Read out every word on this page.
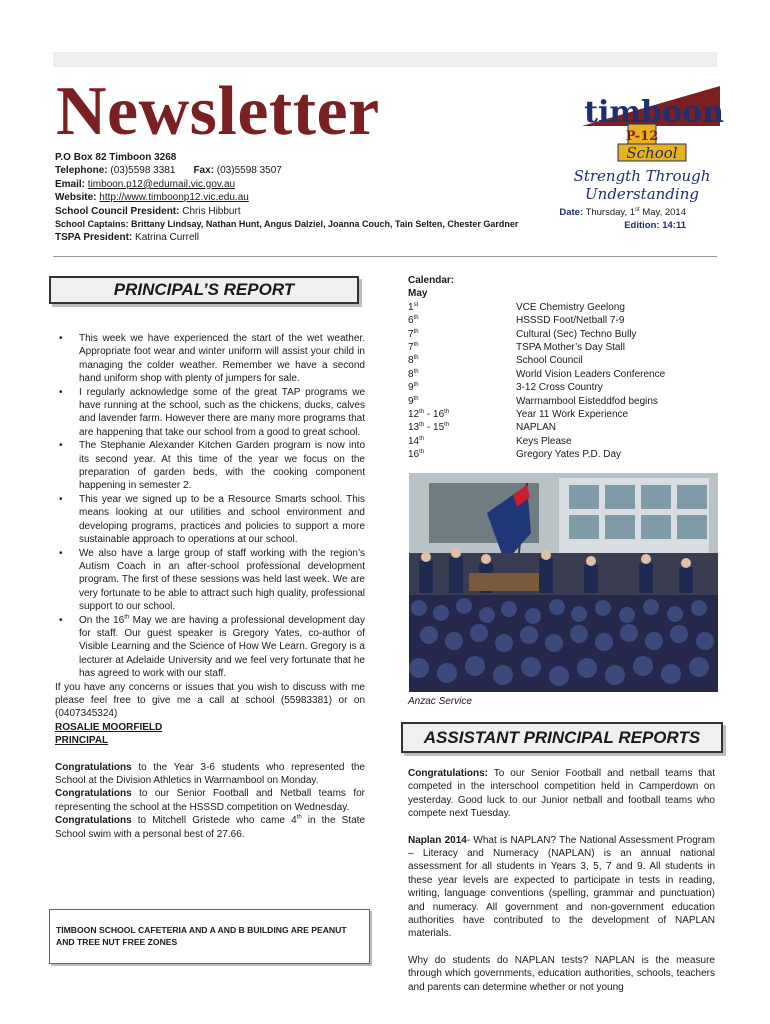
Newsletter
P.O Box 82 Timboon 3268
Telephone: (03)5598 3381 Fax: (03)5598 3507
Email: timboon.p12@edumail.vic.gov.au
Website: http://www.timboonp12.vic.edu.au
School Council President: Chris Hibburt
School Captains: Brittany Lindsay, Nathan Hunt, Angus Dalziel, Joanna Couch, Tain Selten, Chester Gardner
TSPA President: Katrina Currell
timboon
P-12
School
Strength Through
Understanding
Date: Thursday, 1st May, 2014
Edition: 14:11
PRINCIPAL’S REPORT
• This week we have experienced the start of the wet weather. Appropriate foot wear and winter uniform will assist your child in managing the colder weather. Remember we have a second hand uniform shop with plenty of jumpers for sale.
• I regularly acknowledge some of the great TAP programs we have running at the school, such as the chickens, ducks, calves and lavender farm. However there are many more programs that are happening that take our school from a good to great school.
• The Stephanie Alexander Kitchen Garden program is now into its second year. At this time of the year we focus on the preparation of garden beds, with the cooking component happening in semester 2.
• This year we signed up to be a Resource Smarts school. This means looking at our utilities and school environment and developing programs, practices and policies to support a more sustainable approach to operations at our school.
• We also have a large group of staff working with the region’s Autism Coach in an after-school professional development program. The first of these sessions was held last week. We are very fortunate to be able to attract such high quality, professional support to our school.
• On the 16th May we are having a professional development day for staff. Our guest speaker is Gregory Yates, co-author of Visible Learning and the Science of How We Learn. Gregory is a lecturer at Adelaide University and we feel very fortunate that he has agreed to work with our staff.
If you have any concerns or issues that you wish to discuss with me please feel free to give me a call at school (55983381) or on (0407345324)
ROSALIE MOORFIELD
PRINCIPAL
Congratulations to the Year 3-6 students who represented the School at the Division Athletics in Warrnambool on Monday.
Congratulations to our Senior Football and Netball teams for representing the school at the HSSSD competition on Wednesday.
Congratulations to Mitchell Gristede who came 4th in the State School swim with a personal best of 27.66.
TIMBOON SCHOOL CAFETERIA AND A AND B BUILDING ARE PEANUT AND TREE NUT FREE ZONES
Calendar:
May
1st	VCE Chemistry Geelong
6th	HSSSD Foot/Netball 7-9
7th	Cultural (Sec) Techno Bully
7th	TSPA Mother’s Day Stall
8th	School Council
8th	World Vision Leaders Conference
9th	3-12 Cross Country
9th	Warrnambool Eisteddfod begins
12th - 16th	Year 11 Work Experience
13th - 15th	NAPLAN
14th	Keys Please
16th	Gregory Yates P.D. Day
Anzac Service
ASSISTANT PRINCIPAL REPORTS
Congratulations: To our Senior Football and netball teams that competed in the interschool competition held in Camperdown on yesterday. Good luck to our Junior netball and football teams who compete next Tuesday.
Naplan 2014- What is NAPLAN? The National Assessment Program – Literacy and Numeracy (NAPLAN) is an annual national assessment for all students in Years 3, 5, 7 and 9. All students in these year levels are expected to participate in tests in reading, writing, language conventions (spelling, grammar and punctuation) and numeracy. All government and non-government education authorities have contributed to the development of NAPLAN materials.
Why do students do NAPLAN tests? NAPLAN is the measure through which governments, education authorities, schools, teachers and parents can determine whether or not young
